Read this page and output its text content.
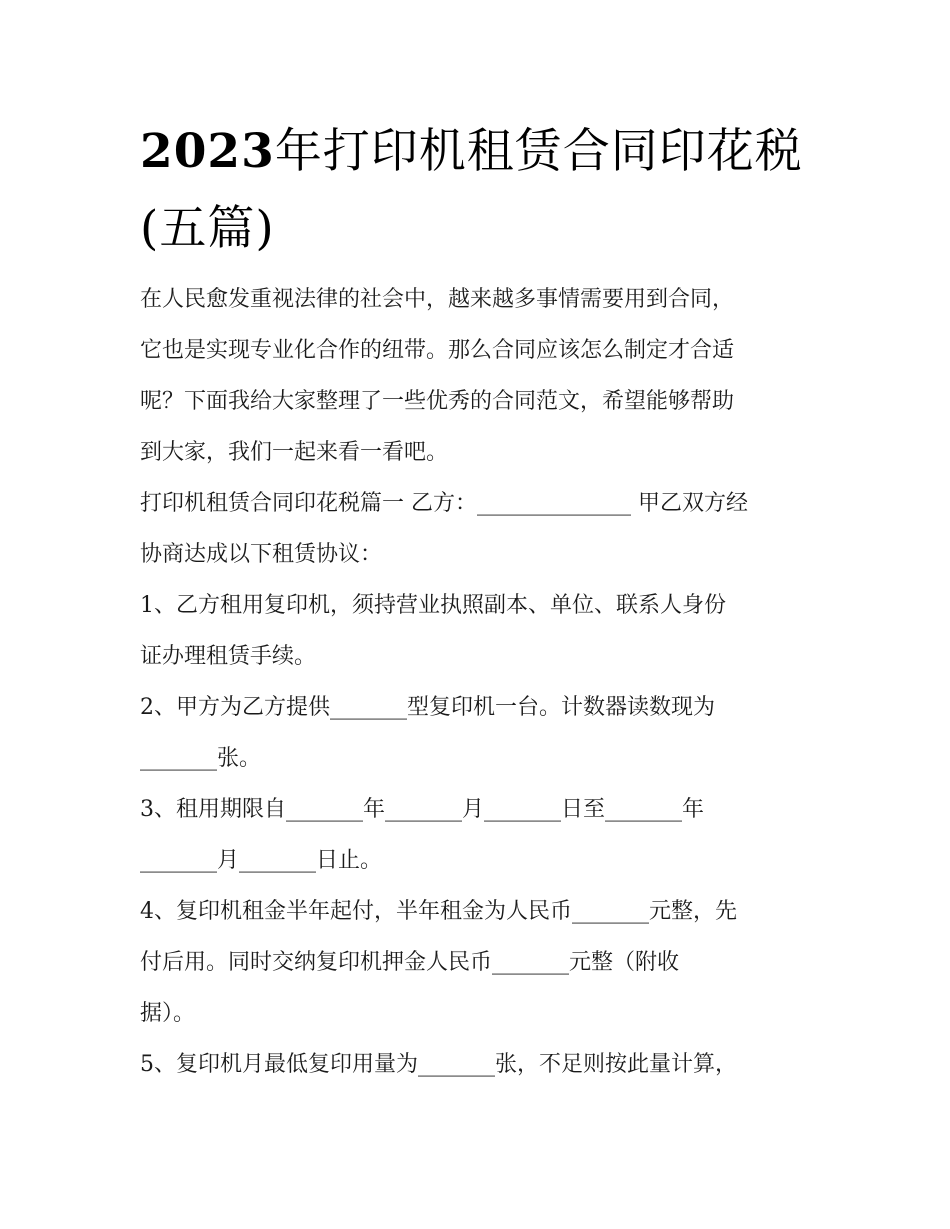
2023年打印机租赁合同印花税
(五篇)
在人民愈发重视法律的社会中，越来越多事情需要用到合同，
它也是实现专业化合作的纽带。那么合同应该怎么制定才合适
呢？下面我给大家整理了一些优秀的合同范文，希望能够帮助
到大家，我们一起来看一看吧。
打印机租赁合同印花税篇一 乙方：______________ 甲乙双方经
协商达成以下租赁协议：
1、乙方租用复印机，须持营业执照副本、单位、联系人身份
证办理租赁手续。
2、甲方为乙方提供_______型复印机一台。计数器读数现为
_______张。
3、租用期限自_______年_______月_______日至_______年
_______月_______日止。
4、复印机租金半年起付，半年租金为人民币_______元整，先
付后用。同时交纳复印机押金人民币_______元整（附收
据）。
5、复印机月最低复印用量为_______张，不足则按此量计算，
